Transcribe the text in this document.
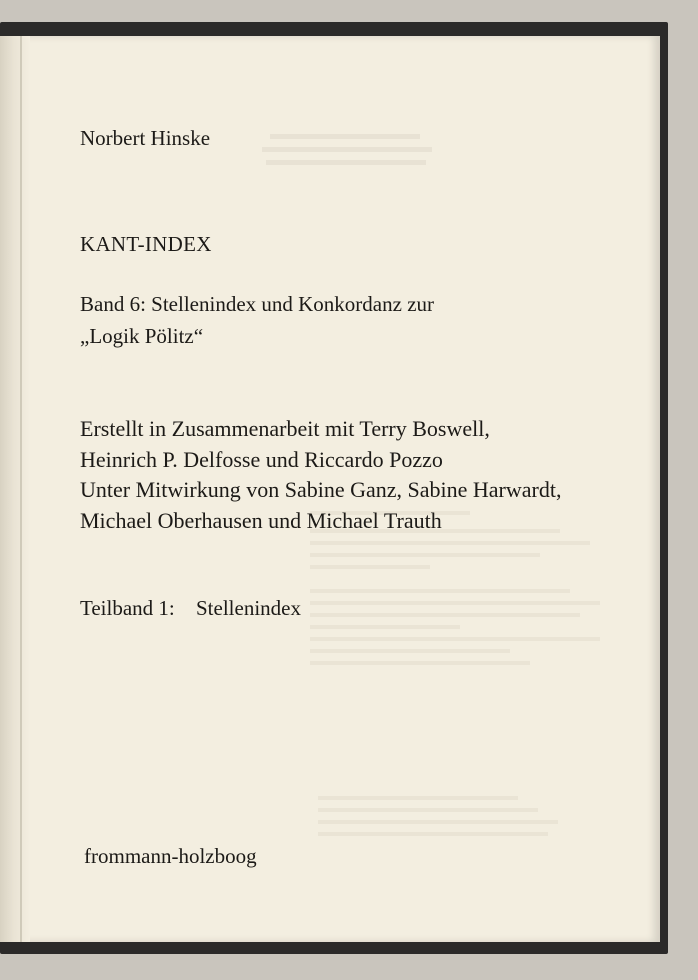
Norbert Hinske
KANT-INDEX
Band 6: Stellenindex und Konkordanz zur
„Logik Pölitz“
Erstellt in Zusammenarbeit mit Terry Boswell,
Heinrich P. Delfosse und Riccardo Pozzo
Unter Mitwirkung von Sabine Ganz, Sabine Harwardt,
Michael Oberhausen und Michael Trauth
Teilband 1: Stellenindex
frommann-holzboog
